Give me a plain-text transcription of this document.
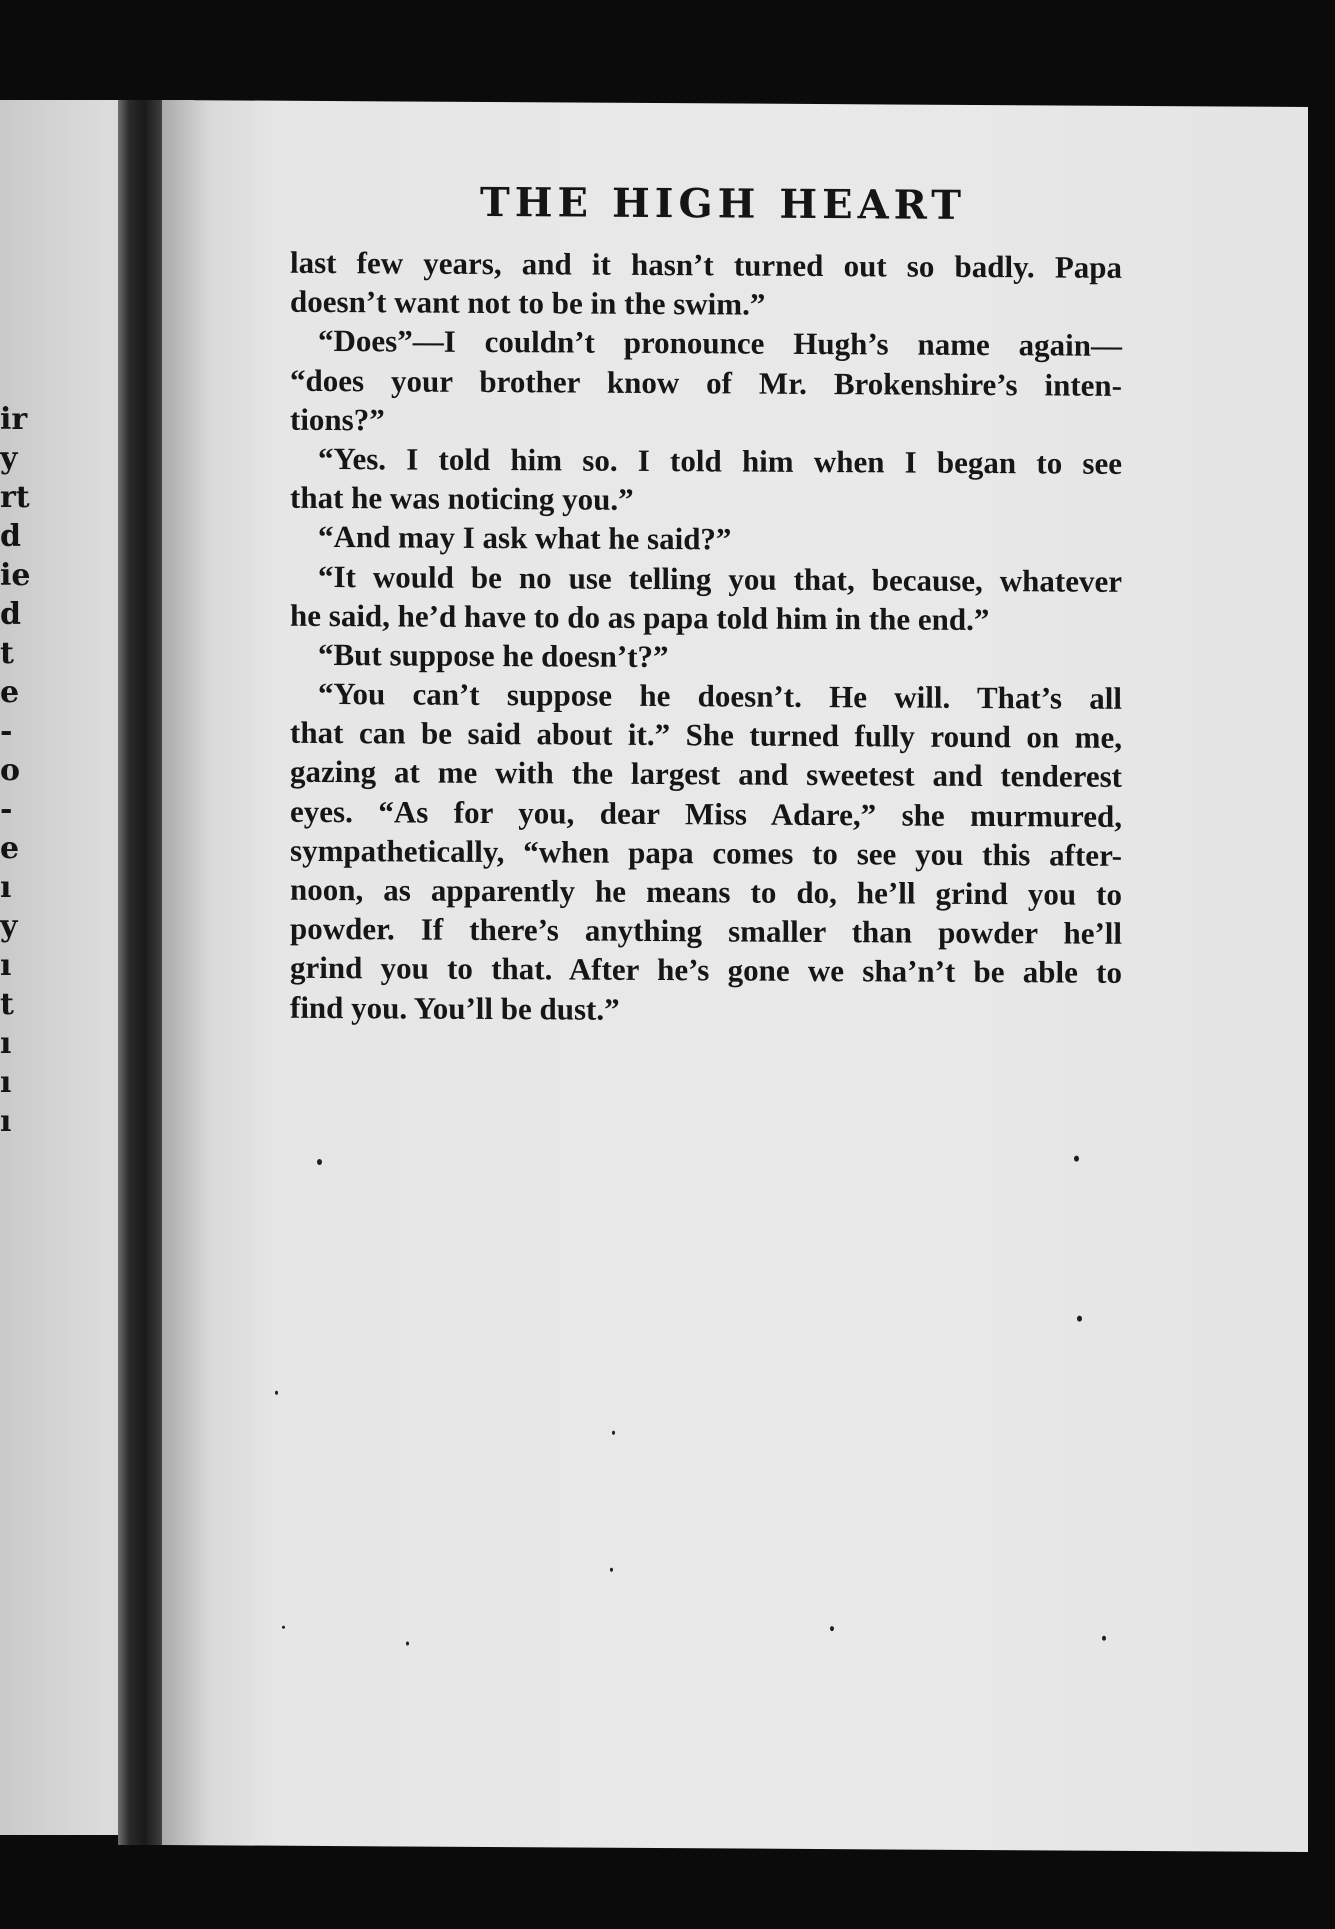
ir
y
rt
d
ie
d
t
e
-
o
-
e
ı
y
ı
t
ı
ı
ı
THE HIGH HEART
last few years, and it hasn’t turned out so badly. Papa
doesn’t want not to be in the swim.”
“Does”—I couldn’t pronounce Hugh’s name again—
“does your brother know of Mr. Brokenshire’s inten-
tions?”
“Yes. I told him so. I told him when I began to see
that he was noticing you.”
“And may I ask what he said?”
“It would be no use telling you that, because, whatever
he said, he’d have to do as papa told him in the end.”
“But suppose he doesn’t?”
“You can’t suppose he doesn’t. He will. That’s all
that can be said about it.” She turned fully round on me,
gazing at me with the largest and sweetest and tenderest
eyes. “As for you, dear Miss Adare,” she murmured,
sympathetically, “when papa comes to see you this after-
noon, as apparently he means to do, he’ll grind you to
powder. If there’s anything smaller than powder he’ll
grind you to that. After he’s gone we sha’n’t be able to
find you. You’ll be dust.”
